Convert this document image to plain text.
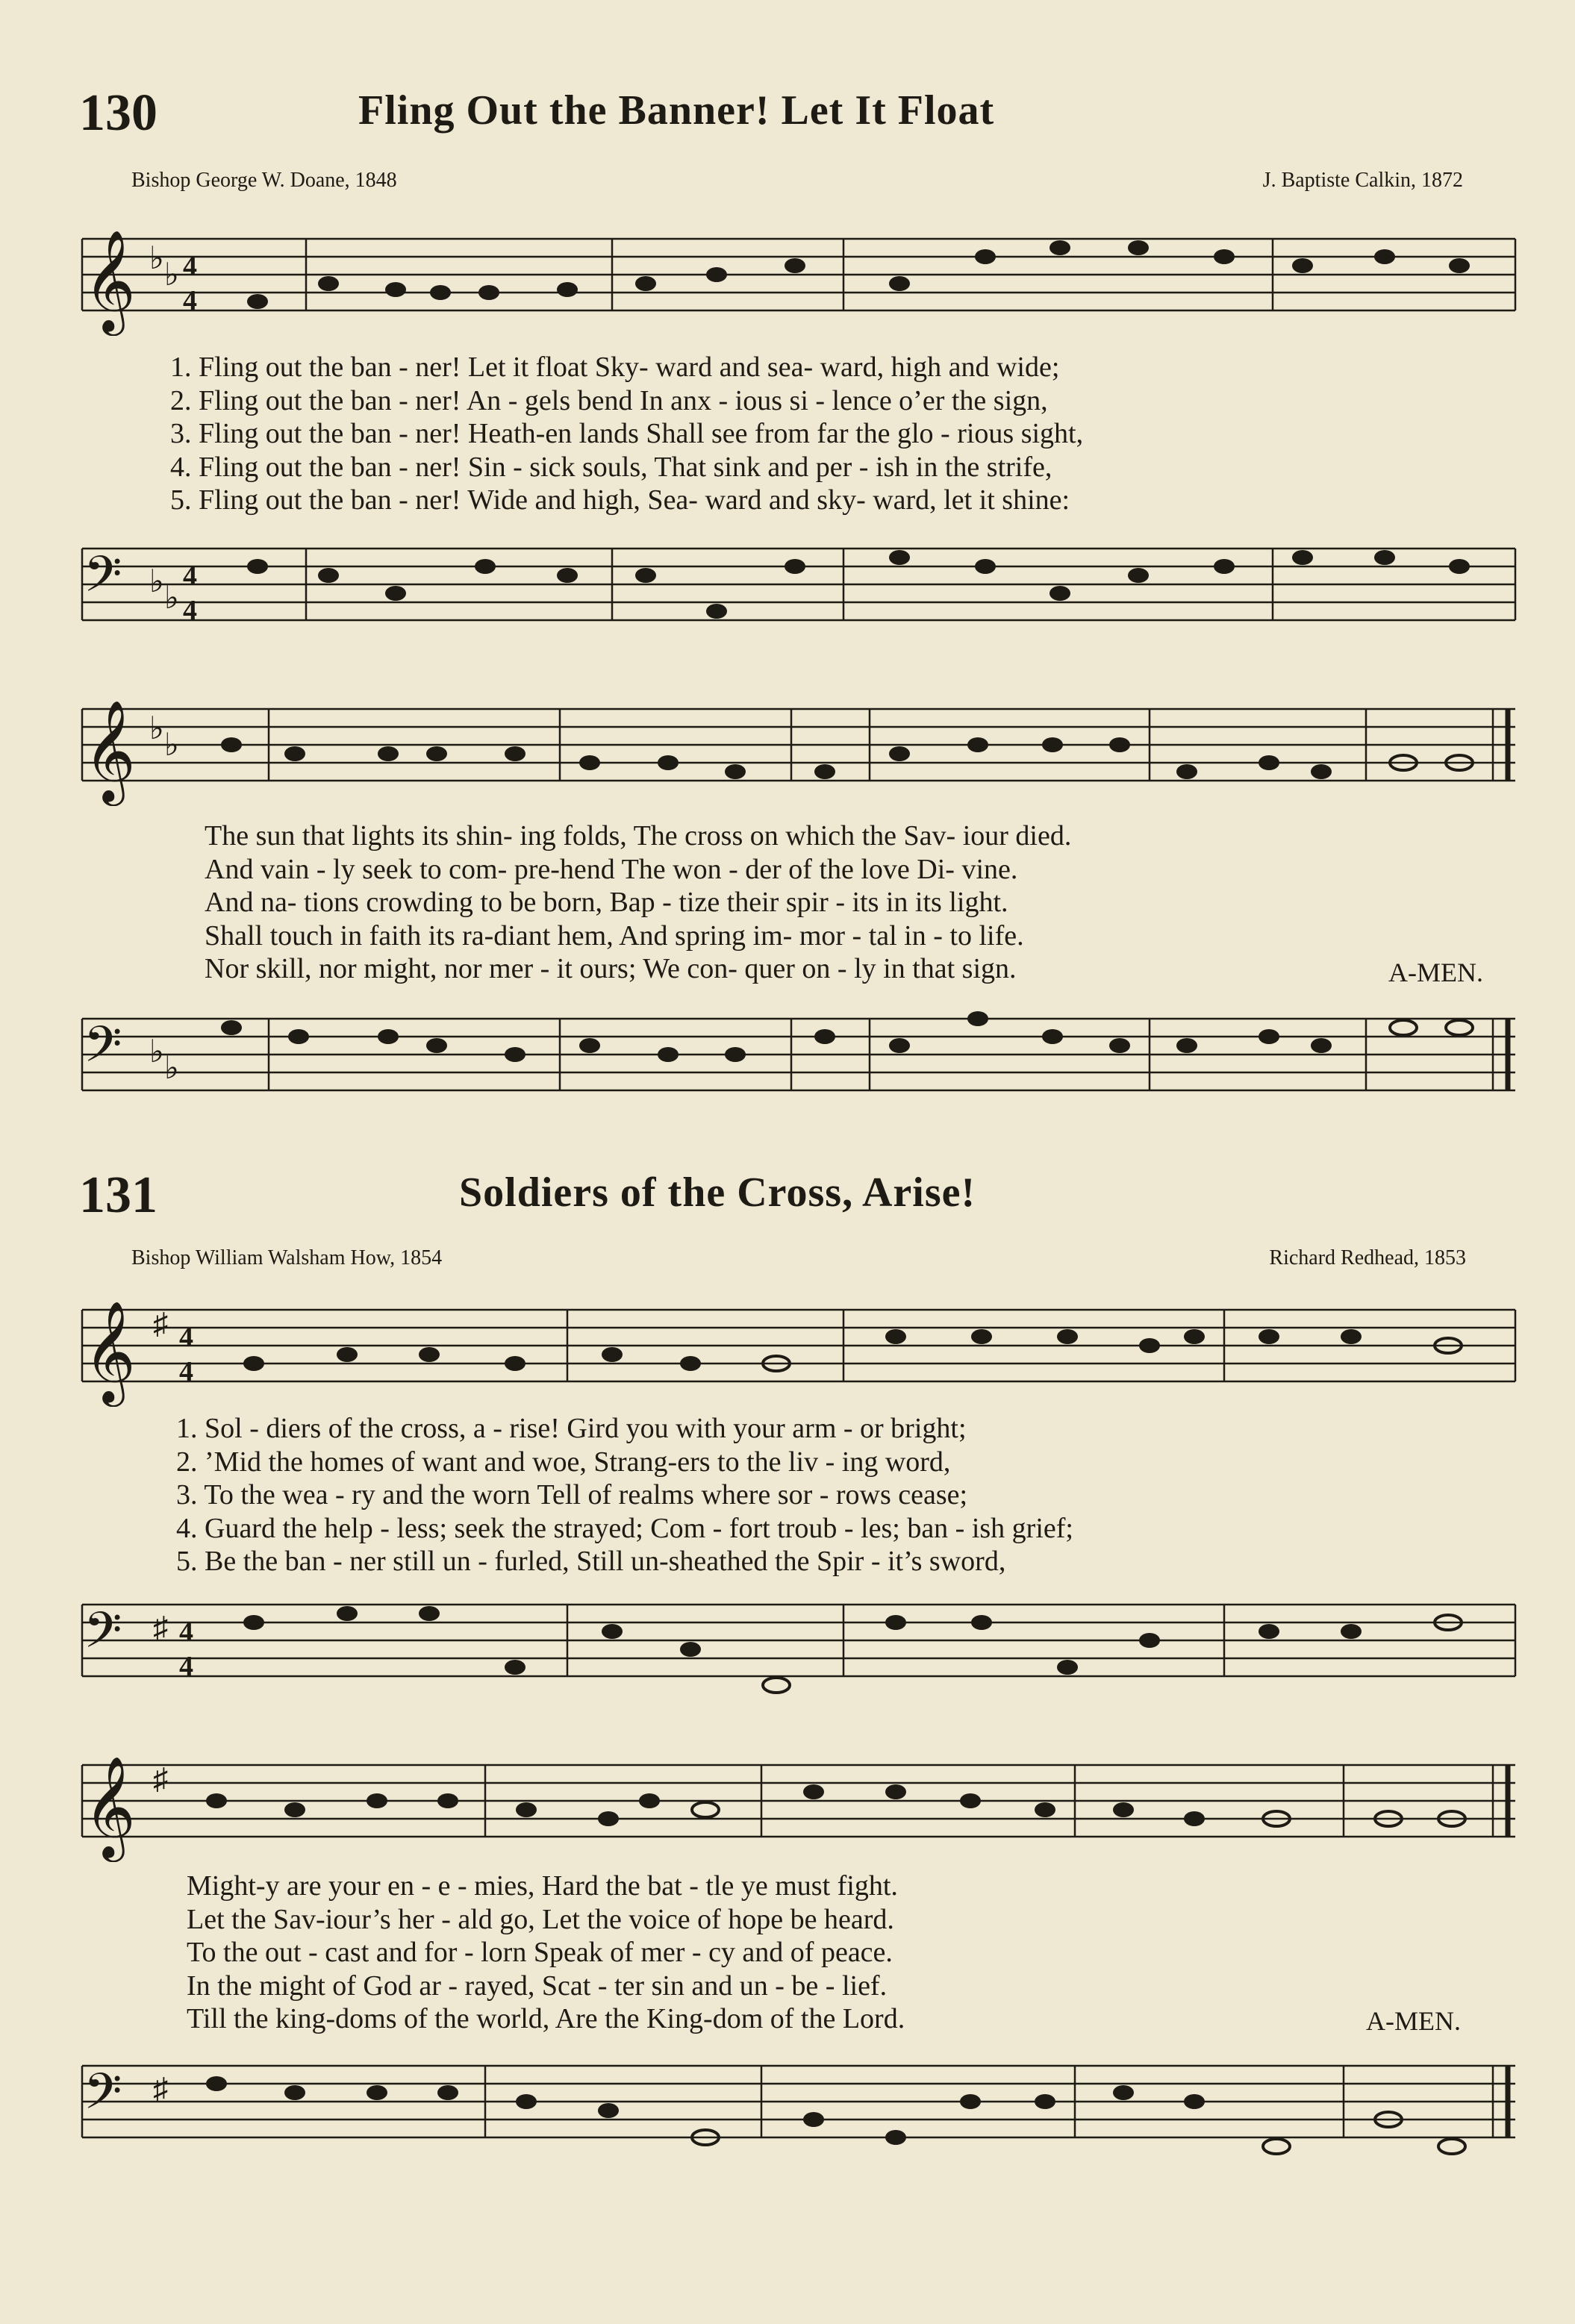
130	Fling Out the Banner! Let It Float
Bishop George W. Doane, 1848	J. Baptiste Calkin, 1872
𝄞 ♭ ♭ 4
4
1. Fling out the ban - ner! Let it float Sky- ward and sea- ward, high and wide;
2. Fling out the ban - ner! An - gels bend In anx - ious si - lence o’er the sign,
3. Fling out the ban - ner! Heath-en lands Shall see from far the glo - rious sight,
4. Fling out the ban - ner! Sin - sick souls, That sink and per - ish in the strife,
5. Fling out the ban - ner! Wide and high, Sea- ward and sky- ward, let it shine:
𝄢 ♭ ♭
4
4
𝄞 ♭ ♭
The sun that lights its shin- ing folds, The cross on which the Sav- iour died.
And vain - ly seek to com- pre-hend The won - der of the love Di- vine.
And na- tions crowding to be born, Bap - tize their spir - its in its light.
Shall touch in faith its ra-diant hem, And spring im- mor - tal in - to life.
Nor skill, nor might, nor mer - it ours; We con- quer on - ly in that sign.	A-MEN.
𝄢 ♭ ♭
131	Soldiers of the Cross, Arise!
Bishop William Walsham How, 1854	Richard Redhead, 1853
𝄞 ♯ 4
4
1. Sol - diers of the cross, a - rise! Gird you with your arm - or bright;
2. ’Mid the homes of want and woe, Strang-ers to the liv - ing word,
3. To the wea - ry and the worn Tell of realms where sor - rows cease;
4. Guard the help - less; seek the strayed; Com - fort troub - les; ban - ish grief;
5. Be the ban - ner still un - furled, Still un-sheathed the Spir - it’s sword,
𝄢 ♯ 4
4
𝄞 ♯
Might-y are your en - e - mies, Hard the bat - tle ye must fight.
Let the Sav-iour’s her - ald go, Let the voice of hope be heard.
To the out - cast and for - lorn Speak of mer - cy and of peace.
In the might of God ar - rayed, Scat - ter sin and un - be - lief.
Till the king-doms of the world, Are the King-dom of the Lord.	A-MEN.
𝄢 ♯
